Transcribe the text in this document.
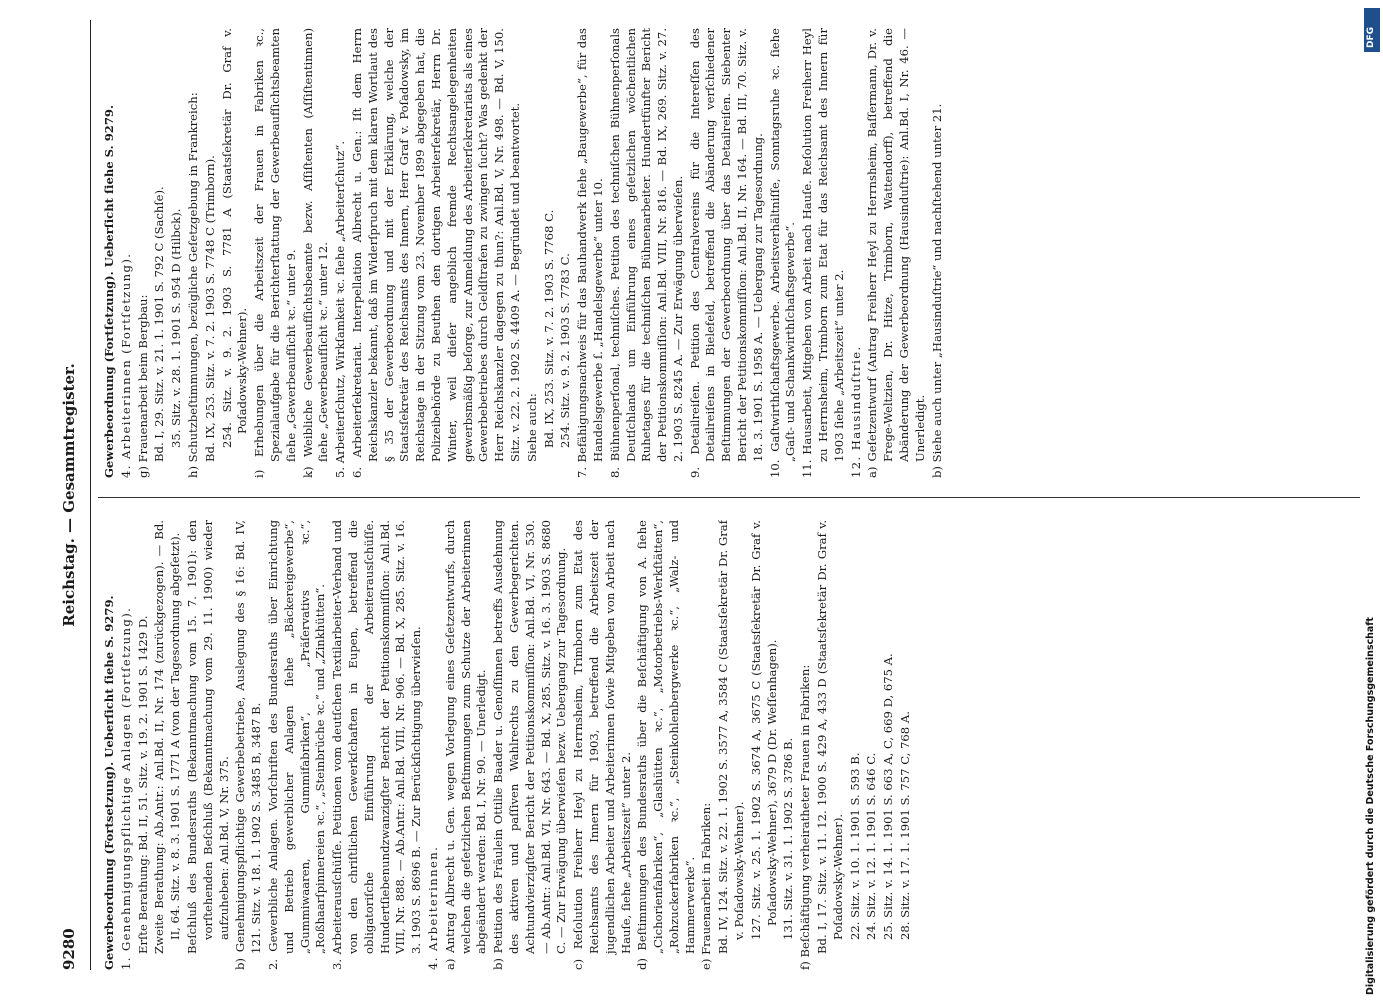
9280
Reichstag. — Gesammtregister.

Gewerbeordnung (Fortsetzung). Ueberſicht ſiehe S. 9279. 1. Genehmigungspflichtige Anlagen (Fortſetzung). Erſte Berathung: Bd. II, 51. Sitz. v. 19. 2. 1901 S. 1429 D. Zweite Berathung: Ab.Antr.: Anl.Bd. II, Nr. 174 (zurückgezogen). — Bd. II, 64. Sitz. v. 8. 3. 1901 S. 1771 A (von der Tagesordnung abgeſetzt). Beſchluß des Bundesraths (Bekanntmachung vom 15. 7. 1901): den vorſtehenden Beſchluß (Bekanntmachung vom 29. 11. 1900) wieder aufzuheben: Anl.Bd. V, Nr. 375. b) Genehmigungspflichtige Gewerbebetriebe, Auslegung des § 16: Bd. IV, 121. Sitz. v. 18. 1. 1902 S. 3485 B, 3487 B. 2. Gewerbliche Anlagen. Vorſchriften des Bundesraths über Einrichtung und Betrieb gewerblicher Anlagen ſiehe „Bäckereigewerbe“, „Gummiwaaren, Gummifabriken“, „Präſervativs ꝛc.“, „Roßhaarſpinnereien ꝛc.“, „Steinbrüche ꝛc.“ und „Zinkhütten“. 3. Arbeiterausſchüſſe. Petitionen vom deutſchen Textilarbeiter-Verband und von den chriſtlichen Gewerkſchaften in Eupen, betreffend die obligatoriſche Einführung der Arbeiterausſchüſſe. Hundertſiebenundzwanzigſter Bericht der Petitionskommiſſion: Anl.Bd. VIII, Nr. 888. — Ab.Antr.: Anl.Bd. VIII, Nr. 906. — Bd. X, 285. Sitz. v. 16. 3. 1903 S. 8696 B. — Zur Berückſichtigung überwieſen. 4. Arbeiterinnen. a) Antrag Albrecht u. Gen. wegen Vorlegung eines Geſetzentwurfs, durch welchen die geſetzlichen Beſtimmungen zum Schutze der Arbeiterinnen abgeändert werden: Bd. I, Nr. 90. — Unerledigt. b) Petition des Fräulein Ottilie Baader u. Genoſſinnen betreffs Ausdehnung des aktiven und paſſiven Wahlrechts zu den Gewerbegerichten. Achtundvierzigſter Bericht der Petitionskommiſſion: Anl.Bd. VI, Nr. 530. — Ab.Antr.: Anl.Bd. VI, Nr. 643. — Bd. X, 285. Sitz. v. 16. 3. 1903 S. 8680 C. — Zur Erwägung überwieſen bezw. Uebergang zur Tagesordnung. c) Reſolution Freiherr Heyl zu Herrnsheim, Trimborn zum Etat des Reichsamts des Innern für 1903, betreffend die Arbeitszeit der jugendlichen Arbeiter und Arbeiterinnen ſowie Mitgeben von Arbeit nach Hauſe, ſiehe „Arbeitszeit“ unter 2. d) Beſtimmungen des Bundesraths über die Beſchäftigung von A. ſiehe „Cichorienfabriken“, „Glashütten ꝛc.“, „Motorbetriebs-Werkſtätten“, „Rohzuckerfabriken ꝛc.“, „Steinkohlenbergwerke ꝛc.“, „Walz- und Hammerwerke“. e) Frauenarbeit in Fabriken: Bd. IV, 124. Sitz. v. 22. 1. 1902 S. 3577 A, 3584 C (Staatsſekretär Dr. Graf v. Poſadowsky-Wehner). 127. Sitz. v. 25. 1. 1902 S. 3674 A, 3675 C (Staatsſekretär Dr. Graf v. Poſadowsky-Wehner), 3679 D (Dr. Weſſenhagen). 131. Sitz. v. 31. 1. 1902 S. 3786 B. f) Beſchäftigung verheiratheter Frauen in Fabriken: Bd. I, 17. Sitz. v. 11. 12. 1900 S. 429 A, 433 D (Staatsſekretär Dr. Graf v. Poſadowsky-Wehner). 22. Sitz. v. 10. 1. 1901 S. 593 B. 24. Sitz. v. 12. 1. 1901 S. 646 C. 25. Sitz. v. 14. 1. 1901 S. 663 A, C, 669 D, 675 A. 28. Sitz. v. 17. 1. 1901 S. 757 C, 768 A.

Gewerbeordnung (Fortſetzung). Ueberſicht ſiehe S. 9279. 4. Arbeiterinnen (Fortſetzung). g) Frauenarbeit beim Bergbau: Bd. I, 29. Sitz. v. 21. 1. 1901 S. 792 C (Sachſe). 35. Sitz. v. 28. 1. 1901 S. 954 D (Hilbck). h) Schutzbeſtimmungen, bezügliche Geſetzgebung in Frankreich: Bd. IX, 253. Sitz. v. 7. 2. 1903 S. 7748 C (Trimborn). 254. Sitz. v. 9. 2. 1903 S. 7781 A (Staatsſekretär Dr. Graf v. Poſadowsky-Wehner). i) Erhebungen über die Arbeitszeit der Frauen in Fabriken ꝛc., Spezialaufgabe für die Berichterſtattung der Gewerbeaufſichtsbeamten ſiehe „Gewerbeaufſicht ꝛc.“ unter 9. k) Weibliche Gewerbeaufſichtsbeamte bezw. Aſſiſtenten (Aſſiſtentinnen) ſiehe „Gewerbeaufſicht ꝛc.“ unter 12. 5. Arbeiterſchutz, Wirkſamkeit ꝛc. ſiehe „Arbeiterſchutz“. 6. Arbeiterſekretariat. Interpellation Albrecht u. Gen.: Iſt dem Herrn Reichskanzler bekannt, daß im Widerſpruch mit dem klaren Wortlaut des § 35 der Gewerbeordnung und mit der Erklärung, welche der Staatsſekretär des Reichsamts des Innern, Herr Graf v. Poſadowsky, im Reichstage in der Sitzung vom 23. November 1899 abgegeben hat, die Polizeibehörde zu Beuthen den dortigen Arbeiterſekretär, Herrn Dr. Winter, weil dieſer angeblich fremde Rechtsangelegenheiten gewerbsmäßig beſorge, zur Anmeldung des Arbeiterſekretariats als eines Gewerbebetriebes durch Geldſtrafen zu zwingen ſucht? Was gedenkt der Herr Reichskanzler dagegen zu thun?: Anl.Bd. V, Nr. 498. — Bd. V, 150. Sitz. v. 22. 2. 1902 S. 4409 A. — Begründet und beantwortet. Siehe auch: Bd. IX, 253. Sitz. v. 7. 2. 1903 S. 7768 C. 254. Sitz. v. 9. 2. 1903 S. 7783 C. 7. Befähigungsnachweis für das Bauhandwerk ſiehe „Baugewerbe“, für das Handelsgewerbe ſ. „Handelsgewerbe“ unter 10. 8. Bühnenperſonal, techniſches. Petition des techniſchen Bühnenperſonals Deutſchlands um Einführung eines geſetzlichen wöchentlichen Ruhetages für die techniſchen Bühnenarbeiter. Hundertfünfter Bericht der Petitionskommiſſion: Anl.Bd. VIII, Nr. 816. — Bd. IX, 269. Sitz. v. 27. 2. 1903 S. 8245 A. — Zur Erwägung überwieſen. 9. Detailreiſen. Petition des Centralvereins für die Intereſſen des Detailreiſens in Bielefeld, betreffend die Abänderung verſchiedener Beſtimmungen der Gewerbeordnung über das Detailreiſen. Siebenter Bericht der Petitionskommiſſion: Anl.Bd. II, Nr. 164. — Bd. III, 70. Sitz. v. 18. 3. 1901 S. 1958 A. — Uebergang zur Tagesordnung. 10. Gaſtwirthſchaftsgewerbe. Arbeitsverhältniſſe, Sonntagsruhe ꝛc. ſiehe „Gaſt- und Schankwirthſchaftsgewerbe“. 11. Hausarbeit, Mitgeben von Arbeit nach Hauſe. Reſolution Freiherr Heyl zu Herrnsheim, Trimborn zum Etat für das Reichsamt des Innern für 1903 ſiehe „Arbeitszeit“ unter 2. 12. Hausinduſtrie. a) Geſetzentwurf (Antrag Freiherr Heyl zu Herrnsheim, Baſſermann, Dr. v. Frege-Weltzien, Dr. Hitze, Trimborn, Wattendorff), betreffend die Abänderung der Gewerbeordnung (Hausinduſtrie): Anl.Bd. I, Nr. 46. — Unerledigt. b) Siehe auch unter „Hausinduſtrie“ und nachſtehend unter 21.

DFG
Digitalisierung gefördert durch die Deutsche Forschungsgemeinschaft
